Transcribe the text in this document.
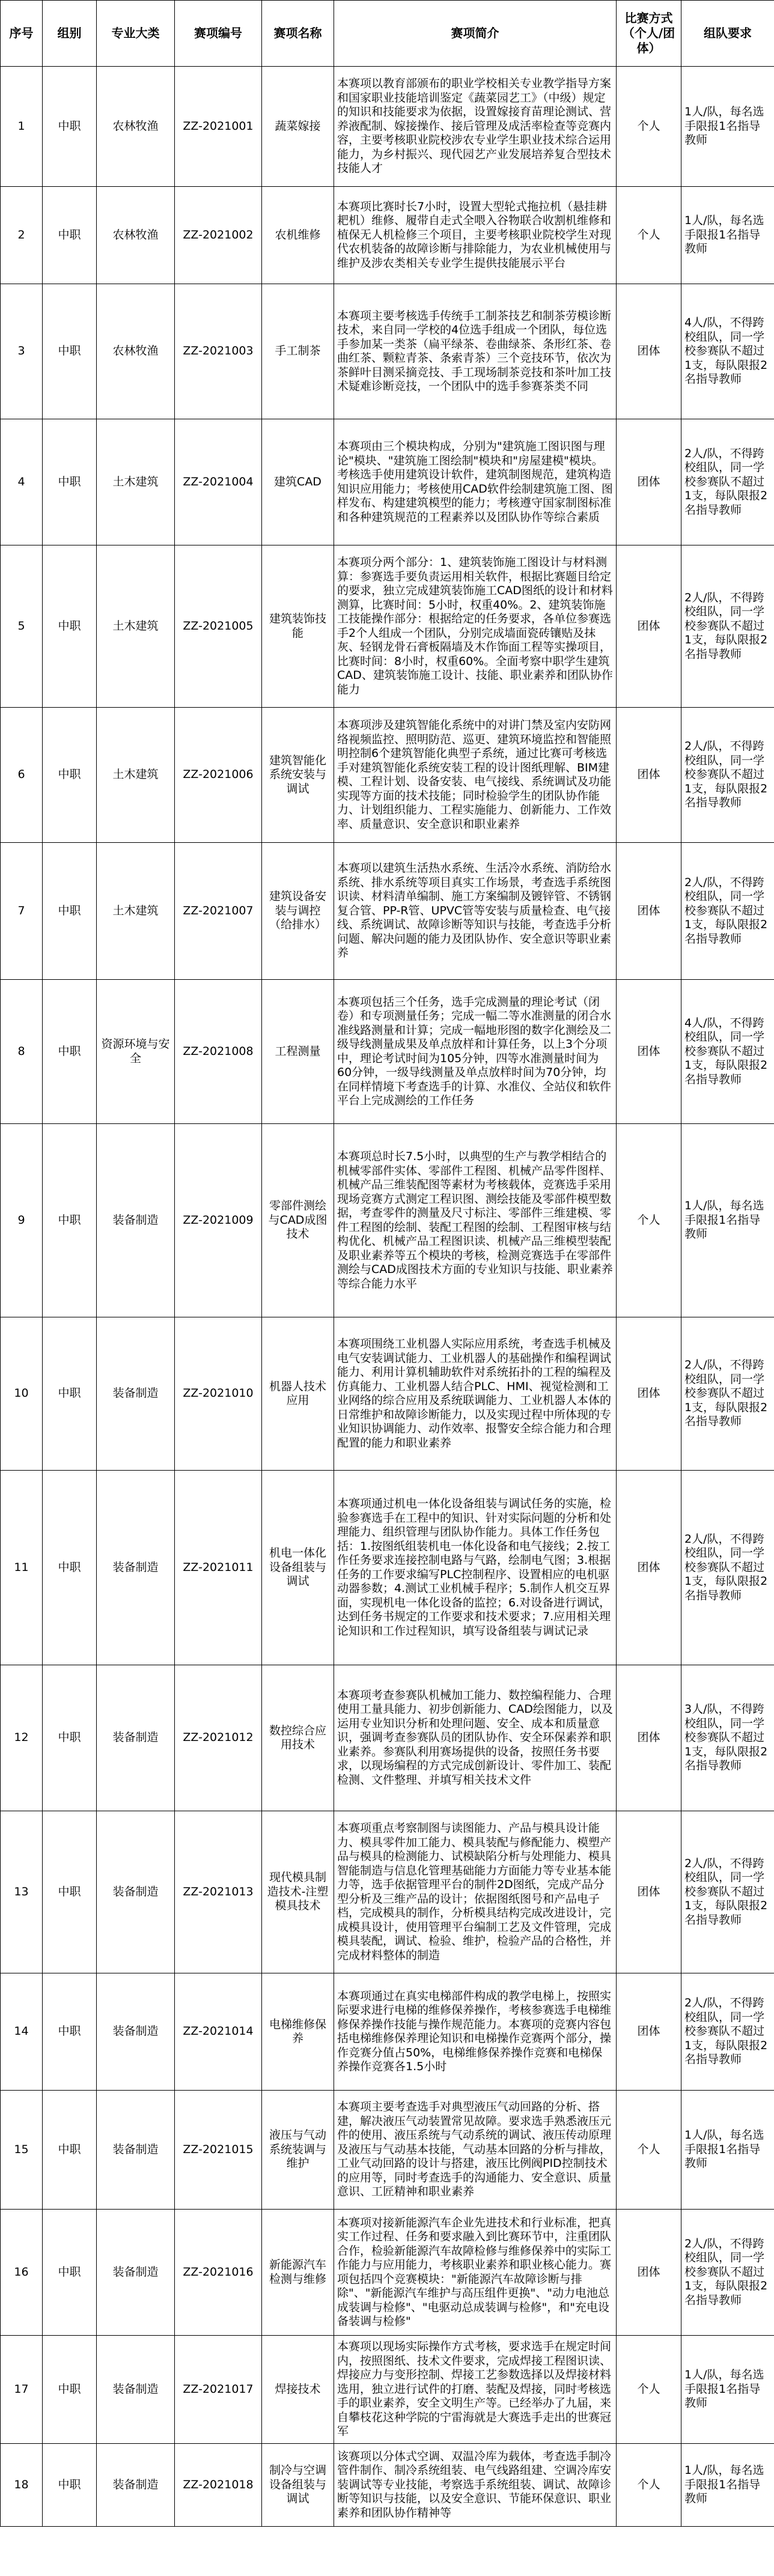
序号	组别	专业大类	赛项编号	赛项名称	赛项简介	比赛方式（个人/团体）	组队要求
1	中职	农林牧渔	ZZ-2021001	蔬菜嫁接	本赛项以教育部颁布的职业学校相关专业教学指导方案和国家职业技能培训鉴定《蔬菜园艺工》（中级）规定的知识和技能要求为依据，设置嫁接育苗理论测试、营养液配制、嫁接操作、接后管理及成活率检查等竞赛内容，主要考核职业院校涉农专业学生职业技术综合运用能力，为乡村振兴、现代园艺产业发展培养复合型技术技能人才	个人	1人/队，每名选手限报1名指导教师
2	中职	农林牧渔	ZZ-2021002	农机维修	本赛项比赛时长7小时，设置大型轮式拖拉机（悬挂耕耙机）维修、履带自走式全喂入谷物联合收割机维修和植保无人机检修三个项目，主要考核职业院校学生对现代农机装备的故障诊断与排除能力，为农业机械使用与维护及涉农类相关专业学生提供技能展示平台	个人	1人/队，每名选手限报1名指导教师
3	中职	农林牧渔	ZZ-2021003	手工制茶	本赛项主要考核选手传统手工制茶技艺和制茶劳模诊断技术，来自同一学校的4位选手组成一个团队，每位选手参加某一类茶（扁平绿茶、卷曲绿茶、条形红茶、卷曲红茶、颗粒青茶、条索青茶）三个竞技环节，依次为茶鲜叶目测采摘竞技、手工现场制茶竞技和茶叶加工技术疑难诊断竞技，一个团队中的选手参赛茶类不同	团体	4人/队，不得跨校组队，同一学校参赛队不超过1支，每队限报2名指导教师
4	中职	土木建筑	ZZ-2021004	建筑CAD	本赛项由三个模块构成，分别为"建筑施工图识图与理论"模块、"建筑施工图绘制"模块和"房屋建模"模块。考核选手使用建筑设计软件，建筑制图规范，建筑构造知识应用能力；考核使用CAD软件绘制建筑施工图、图样发布、构建建筑模型的能力；考核遵守国家制图标准和各种建筑规范的工程素养以及团队协作等综合素质	团体	2人/队，不得跨校组队，同一学校参赛队不超过1支，每队限报2名指导教师
5	中职	土木建筑	ZZ-2021005	建筑装饰技能	本赛项分两个部分：1、建筑装饰施工图设计与材料测算：参赛选手要负责运用相关软件，根据比赛题目给定的要求，独立完成建筑装饰施工CAD图纸的设计和材料测算，比赛时间：5小时，权重40%。2、建筑装饰施工技能操作部分：根据给定的任务要求，各单位参赛选手2个人组成一个团队，分别完成墙面瓷砖镶贴及抹灰、轻钢龙骨石膏板隔墙及木作饰面工程等实操项目，比赛时间：8小时，权重60%。全面考察中职学生建筑CAD、建筑装饰施工设计、技能、职业素养和团队协作能力	团体	2人/队，不得跨校组队，同一学校参赛队不超过1支，每队限报2名指导教师
6	中职	土木建筑	ZZ-2021006	建筑智能化系统安装与调试	本赛项涉及建筑智能化系统中的对讲门禁及室内安防网络视频监控、照明防范、巡更、建筑环境监控和智能照明控制6个建筑智能化典型子系统，通过比赛可考核选手对建筑智能化系统安装工程的设计图纸理解、BIM建模、工程计划、设备安装、电气接线、系统调试及功能实现等方面的技术技能；同时检验学生的团队协作能力、计划组织能力、工程实施能力、创新能力、工作效率、质量意识、安全意识和职业素养	团体	2人/队，不得跨校组队，同一学校参赛队不超过1支，每队限报2名指导教师
7	中职	土木建筑	ZZ-2021007	建筑设备安装与调控（给排水）	本赛项以建筑生活热水系统、生活冷水系统、消防给水系统、排水系统等项目真实工作场景，考查选手系统图识读、材料清单编制、施工方案编制及镀锌管、不锈钢复合管、PP-R管、UPVC管等安装与质量检查、电气接线、系统调试、故障诊断等知识与技能，考查选手分析问题、解决问题的能力及团队协作、安全意识等职业素养	团体	2人/队，不得跨校组队，同一学校参赛队不超过1支，每队限报2名指导教师
8	中职	资源环境与安全	ZZ-2021008	工程测量	本赛项包括三个任务，选手完成测量的理论考试（闭卷）和专项测量任务；完成一幅二等水准测量的闭合水准线路测量和计算；完成一幅地形图的数字化测绘及二级导线测量成果及单点放样和计算任务，以上3个分项中，理论考试时间为105分钟，四等水准测量时间为60分钟，一级导线测量及单点放样时间为70分钟，均在同样情境下考查选手的计算、水准仪、全站仪和软件平台上完成测绘的工作任务	团体	4人/队，不得跨校组队，同一学校参赛队不超过1支，每队限报2名指导教师
9	中职	装备制造	ZZ-2021009	零部件测绘与CAD成图技术	本赛项总时长7.5小时，以典型的生产与教学相结合的机械零部件实体、零部件工程图、机械产品零件图样、机械产品三维装配图等素材为考核载体，竞赛选手采用现场竞赛方式测定工程识图、测绘技能及零部件模型数据，考查零件的测量及尺寸标注、零部件三维建模、零件工程图的绘制、装配工程图的绘制、工程图审核与结构优化、机械产品工程图识读、机械产品三维模型装配及职业素养等五个模块的考核，检测竞赛选手在零部件测绘与CAD成图技术方面的专业知识与技能、职业素养等综合能力水平	个人	1人/队，每名选手限报1名指导教师
10	中职	装备制造	ZZ-2021010	机器人技术应用	本赛项围绕工业机器人实际应用系统，考查选手机械及电气安装调试能力、工业机器人的基础操作和编程调试能力、利用计算机辅助软件对系统拓扑的工程的编程及仿真能力、工业机器人结合PLC、HMI、视觉检测和工业网络的综合应用及系统联调能力、工业机器人本体的日常维护和故障诊断能力，以及实现过程中所体现的专业知识协调能力、动作效率、报警安全综合能力和合理配置的能力和职业素养	团体	2人/队，不得跨校组队，同一学校参赛队不超过1支，每队限报2名指导教师
11	中职	装备制造	ZZ-2021011	机电一体化设备组装与调试	本赛项通过机电一体化设备组装与调试任务的实施，检验参赛选手在工程中的知识、针对实际问题的分析和处理能力、组织管理与团队协作能力。具体工作任务包括：1.按图纸组装机电一体化设备和电气接线；2.按工作任务要求连接控制电路与气路，绘制电气图；3.根据任务的工作要求编写PLC控制程序、设置相应的电机驱动器参数；4.测试工业机械手程序；5.制作人机交互界面，实现机电一体化设备的监控；6.对设备进行调试，达到任务书规定的工作要求和技术要求；7.应用相关理论知识和工作过程知识，填写设备组装与调试记录	团体	2人/队，不得跨校组队，同一学校参赛队不超过1支，每队限报2名指导教师
12	中职	装备制造	ZZ-2021012	数控综合应用技术	本赛项考查参赛队机械加工能力、数控编程能力、合理使用工量具能力、初步创新能力、CAD绘图能力，以及运用专业知识分析和处理问题、安全、成本和质量意识，强调考查参赛队员的团队协作、安全环保素养和职业素养。参赛队利用赛场提供的设备，按照任务书要求，以现场编程的方式完成创新设计、零件加工、装配检测、文件整理、并填写相关技术文件	团体	3人/队，不得跨校组队，同一学校参赛队不超过1支，每队限报2名指导教师
13	中职	装备制造	ZZ-2021013	现代模具制造技术-注塑模具技术	本赛项重点考察制图与读图能力、产品与模具设计能力、模具零件加工能力、模具装配与修配能力、模塑产品与模具的检测能力、试模缺陷分析与处理能力、模具智能制造与信息化管理基础能力方面能力等专业基本能力等，选手依据管理平台的制件2D图纸，完成产品分型分析及三维产品的设计；依据图纸图号和产品电子档，完成模具的制作，分析模具结构完成改进设计，完成模具设计，使用管理平台编制工艺及文件管理，完成模具装配，调试、检验、维护，检验产品的合格性，并完成材料整体的制造	团体	2人/队，不得跨校组队，同一学校参赛队不超过1支，每队限报2名指导教师
14	中职	装备制造	ZZ-2021014	电梯维修保养	本赛项通过在真实电梯部件构成的教学电梯上，按照实际要求进行电梯的维修保养操作，考核参赛选手电梯维修保养操作技能与操作规范能力。本赛项的竞赛内容包括电梯维修保养理论知识和电梯操作竞赛两个部分，操作竞赛分值占50%，电梯维修保养操作竞赛和电梯保养操作竞赛各1.5小时	团体	2人/队，不得跨校组队，同一学校参赛队不超过1支，每队限报2名指导教师
15	中职	装备制造	ZZ-2021015	液压与气动系统装调与维护	本赛项主要考查选手对典型液压气动回路的分析、搭建，解决液压气动装置常见故障。要求选手熟悉液压元件的使用、液压系统与气动系统的调试、液压传动原理及液压与气动基本技能，气动基本回路的分析与排故，工业气动回路的设计与搭建，液压比例阀PID控制技术的应用等，同时考查选手的沟通能力、安全意识、质量意识、工匠精神和职业素养	个人	1人/队，每名选手限报1名指导教师
16	中职	装备制造	ZZ-2021016	新能源汽车检测与维修	本赛项对接新能源汽车企业先进技术和行业标准，把真实工作过程、任务和要求融入到比赛环节中，注重团队合作，检验新能源汽车故障检修与维修保养中的实际工作能力与应用能力，考核职业素养和职业核心能力。赛项包括四个竞赛模块："新能源汽车故障诊断与排除"、"新能源汽车维护与高压组件更换"、"动力电池总成装调与检修"、"电驱动总成装调与检修"，和"充电设备装调与检修"	团体	2人/队，不得跨校组队，同一学校参赛队不超过1支，每队限报2名指导教师
17	中职	装备制造	ZZ-2021017	焊接技术	本赛项以现场实际操作方式考核，要求选手在规定时间内，按照图纸、技术文件要求，完成焊接工程图识读、焊接应力与变形控制、焊接工艺参数选择以及焊接材料选用，独立进行试件的打磨、装配及焊接，同时考核选手的职业素养，安全文明生产等。已经举办了九届，来自攀枝花这种学院的宁雷海就是大赛选手走出的世赛冠军	个人	1人/队，每名选手限报1名指导教师
18	中职	装备制造	ZZ-2021018	制冷与空调设备组装与调试	该赛项以分体式空调、双温冷库为载体，考查选手制冷管件制作、制冷系统组装、电气线路组建、空调冷库安装调试等专业技能，考察选手系统组装、调试、故障诊断等知识与技能，以及安全意识、节能环保意识、职业素养和团队协作精神等	个人	1人/队，每名选手限报1名指导教师
